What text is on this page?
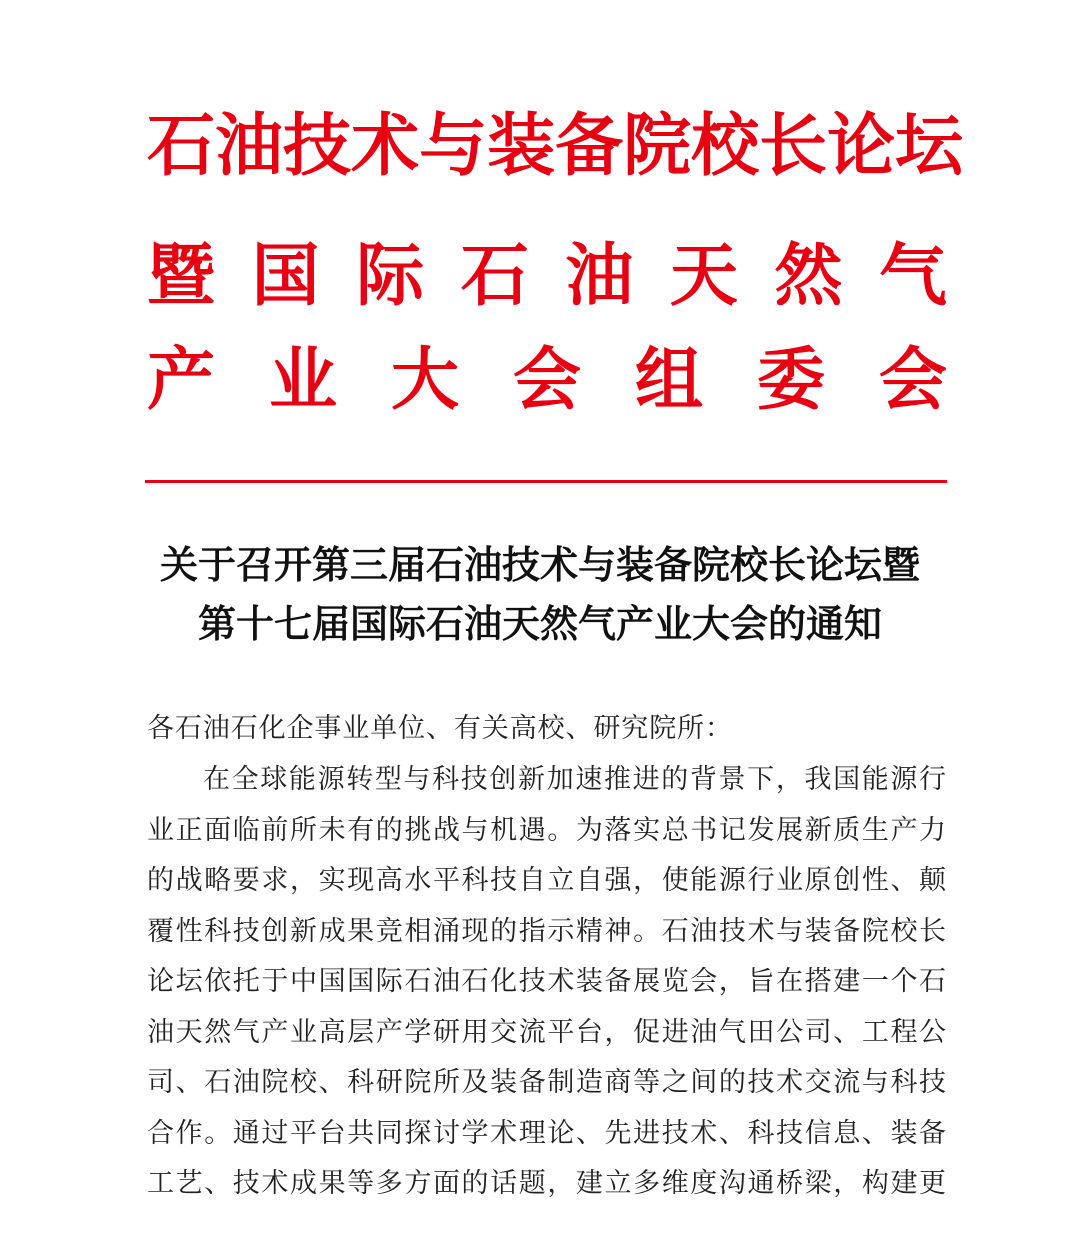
石 油 技 术 与 装 备 院 校 长 论 坛
暨 国 际 石 油 天 然 气
产 业 大 会 组 委 会
关于召开第三届石油技术与装备院校长论坛暨
第十七届国际石油天然气产业大会的通知
各石油石化企事业单位、有关高校、研究院所：
在 全 球 能 源 转 型 与 科 技 创 新 加 速 推 进 的 背 景 下 ， 我 国 能 源 行
业 正 面 临 前 所 未 有 的 挑 战 与 机 遇 。 为 落 实 总 书 记 发 展 新 质 生 产 力
的 战 略 要 求 ， 实 现 高 水 平 科 技 自 立 自 强 ， 使 能 源 行 业 原 创 性 、 颠
覆 性 科 技 创 新 成 果 竞 相 涌 现 的 指 示 精 神 。 石 油 技 术 与 装 备 院 校 长
论 坛 依 托 于 中 国 国 际 石 油 石 化 技 术 装 备 展 览 会 ， 旨 在 搭 建 一 个 石
油 天 然 气 产 业 高 层 产 学 研 用 交 流 平 台 ， 促 进 油 气 田 公 司 、 工 程 公
司 、 石 油 院 校 、 科 研 院 所 及 装 备 制 造 商 等 之 间 的 技 术 交 流 与 科 技
合 作 。 通 过 平 台 共 同 探 讨 学 术 理 论 、 先 进 技 术 、 科 技 信 息 、 装 备
工 艺 、 技 术 成 果 等 多 方 面 的 话 题 ， 建 立 多 维 度 沟 通 桥 梁 ， 构 建 更
